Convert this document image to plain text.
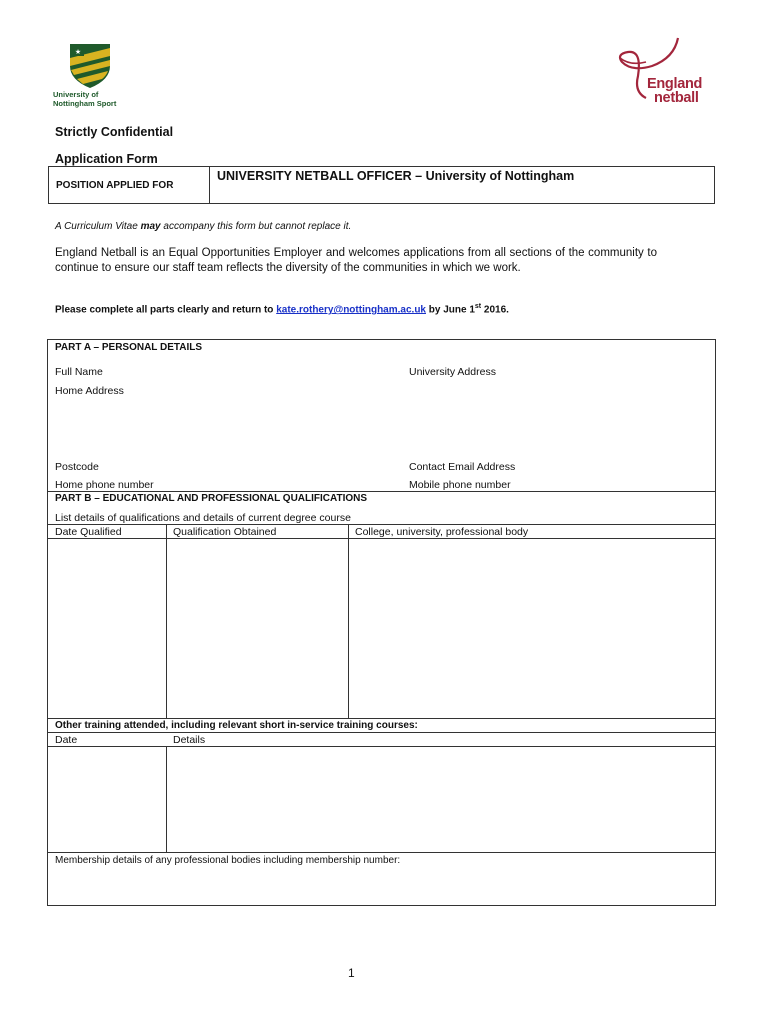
★
University of
Nottingham Sport
England
netball
Strictly Confidential
Application Form
POSITION APPLIED FOR
UNIVERSITY NETBALL OFFICER – University of Nottingham
A Curriculum Vitae may accompany this form but cannot replace it.
England Netball is an Equal Opportunities Employer and welcomes applications from all sections of the community to continue to ensure our staff team reflects the diversity of the communities in which we work.
Please complete all parts clearly and return to kate.rothery@nottingham.ac.uk by June 1st 2016.
PART A – PERSONAL DETAILS
Full Name	University Address
Home Address
Postcode	Contact Email Address
Home phone number	Mobile phone number
PART B – EDUCATIONAL AND PROFESSIONAL QUALIFICATIONS
List details of qualifications and details of current degree course
Date Qualified	Qualification Obtained	College, university, professional body
Other training attended, including relevant short in-service training courses:
Date	Details
Membership details of any professional bodies including membership number:
1
